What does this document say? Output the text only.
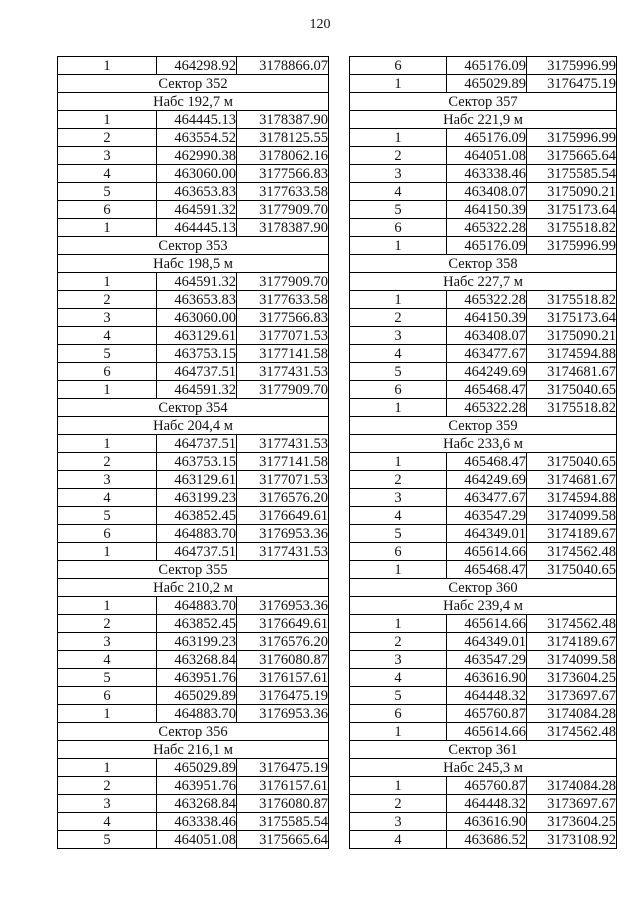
120
1	464298.92	3178866.07
Сектор 352		
Набс 192,7 м		
1	464445.13	3178387.90
2	463554.52	3178125.55
3	462990.38	3178062.16
4	463060.00	3177566.83
5	463653.83	3177633.58
6	464591.32	3177909.70
1	464445.13	3178387.90
Сектор 353		
Набс 198,5 м		
1	464591.32	3177909.70
2	463653.83	3177633.58
3	463060.00	3177566.83
4	463129.61	3177071.53
5	463753.15	3177141.58
6	464737.51	3177431.53
1	464591.32	3177909.70
Сектор 354		
Набс 204,4 м		
1	464737.51	3177431.53
2	463753.15	3177141.58
3	463129.61	3177071.53
4	463199.23	3176576.20
5	463852.45	3176649.61
6	464883.70	3176953.36
1	464737.51	3177431.53
Сектор 355		
Набс 210,2 м		
1	464883.70	3176953.36
2	463852.45	3176649.61
3	463199.23	3176576.20
4	463268.84	3176080.87
5	463951.76	3176157.61
6	465029.89	3176475.19
1	464883.70	3176953.36
Сектор 356		
Набс 216,1 м		
1	465029.89	3176475.19
2	463951.76	3176157.61
3	463268.84	3176080.87
4	463338.46	3175585.54
5	464051.08	3175665.64
6	465176.09	3175996.99
1	465029.89	3176475.19
Сектор 357		
Набс 221,9 м		
1	465176.09	3175996.99
2	464051.08	3175665.64
3	463338.46	3175585.54
4	463408.07	3175090.21
5	464150.39	3175173.64
6	465322.28	3175518.82
1	465176.09	3175996.99
Сектор 358		
Набс 227,7 м		
1	465322.28	3175518.82
2	464150.39	3175173.64
3	463408.07	3175090.21
4	463477.67	3174594.88
5	464249.69	3174681.67
6	465468.47	3175040.65
1	465322.28	3175518.82
Сектор 359		
Набс 233,6 м		
1	465468.47	3175040.65
2	464249.69	3174681.67
3	463477.67	3174594.88
4	463547.29	3174099.58
5	464349.01	3174189.67
6	465614.66	3174562.48
1	465468.47	3175040.65
Сектор 360		
Набс 239,4 м		
1	465614.66	3174562.48
2	464349.01	3174189.67
3	463547.29	3174099.58
4	463616.90	3173604.25
5	464448.32	3173697.67
6	465760.87	3174084.28
1	465614.66	3174562.48
Сектор 361		
Набс 245,3 м		
1	465760.87	3174084.28
2	464448.32	3173697.67
3	463616.90	3173604.25
4	463686.52	3173108.92
